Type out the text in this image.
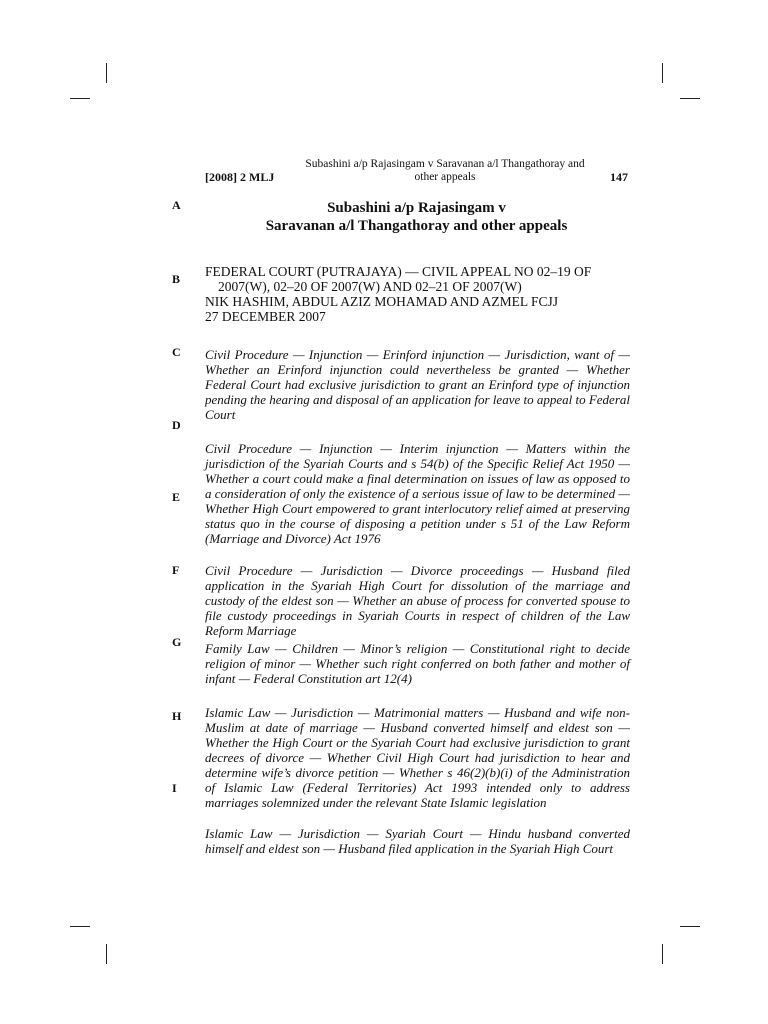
[2008] 2 MLJ
Subashini a/p Rajasingam v Saravanan a/l Thangathoray and
other appeals	147
A
B
C
D
E
F
G
H
I
Subashini a/p Rajasingam v
Saravanan a/l Thangathoray and other appeals
FEDERAL COURT (PUTRAJAYA) — CIVIL APPEAL NO 02–19 OF
2007(W), 02–20 OF 2007(W) AND 02–21 OF 2007(W)
NIK HASHIM, ABDUL AZIZ MOHAMAD AND AZMEL FCJJ
27 DECEMBER 2007
Civil Procedure — Injunction — Erinford injunction — Jurisdiction, want of — Whether an Erinford injunction could nevertheless be granted — Whether Federal Court had exclusive jurisdiction to grant an Erinford type of injunction pending the hearing and disposal of an application for leave to appeal to Federal Court
Civil Procedure — Injunction — Interim injunction — Matters within the jurisdiction of the Syariah Courts and s 54(b) of the Specific Relief Act 1950 — Whether a court could make a final determination on issues of law as opposed to a consideration of only the existence of a serious issue of law to be determined — Whether High Court empowered to grant interlocutory relief aimed at preserving status quo in the course of disposing a petition under s 51 of the Law Reform (Marriage and Divorce) Act 1976
Civil Procedure — Jurisdiction — Divorce proceedings — Husband filed application in the Syariah High Court for dissolution of the marriage and custody of the eldest son — Whether an abuse of process for converted spouse to file custody proceedings in Syariah Courts in respect of children of the Law Reform Marriage
Family Law — Children — Minor’s religion — Constitutional right to decide religion of minor — Whether such right conferred on both father and mother of infant — Federal Constitution art 12(4)
Islamic Law — Jurisdiction — Matrimonial matters — Husband and wife non-Muslim at date of marriage — Husband converted himself and eldest son — Whether the High Court or the Syariah Court had exclusive jurisdiction to grant decrees of divorce — Whether Civil High Court had jurisdiction to hear and determine wife’s divorce petition — Whether s 46(2)(b)(i) of the Administration of Islamic Law (Federal Territories) Act 1993 intended only to address marriages solemnized under the relevant State Islamic legislation
Islamic Law — Jurisdiction — Syariah Court — Hindu husband converted himself and eldest son — Husband filed application in the Syariah High Court
